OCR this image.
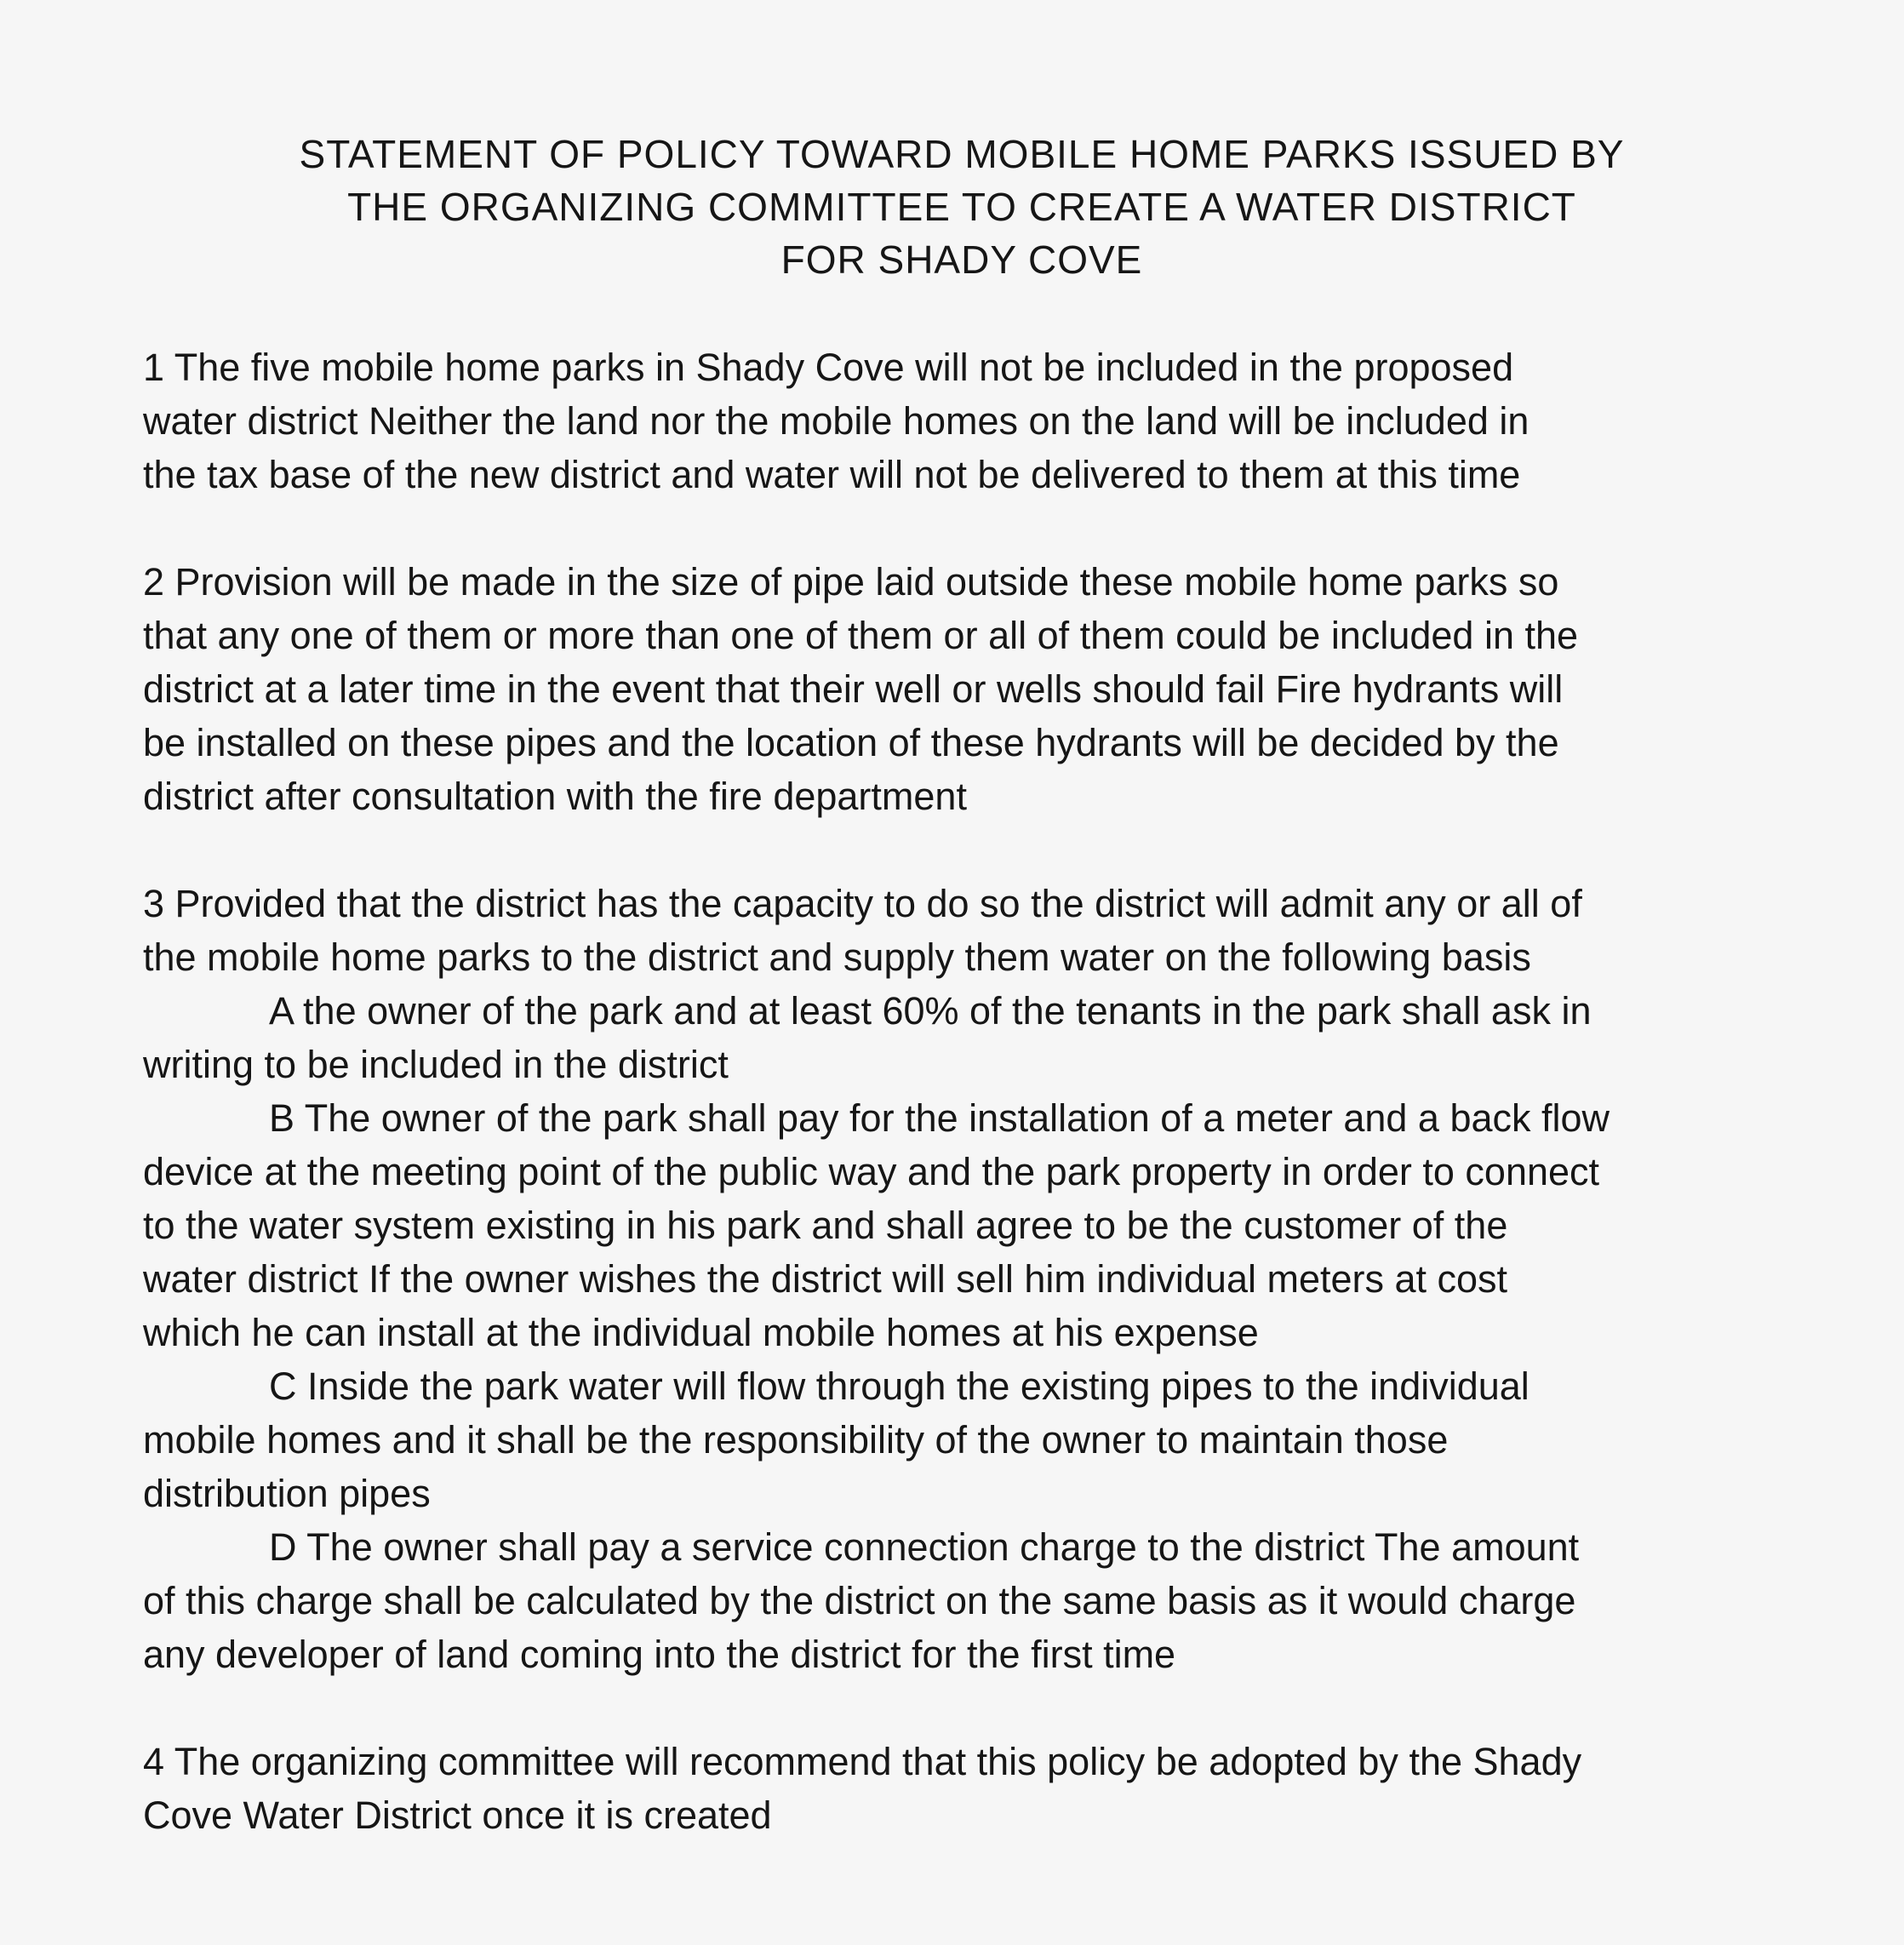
STATEMENT OF POLICY TOWARD MOBILE HOME PARKS ISSUED BY
THE ORGANIZING COMMITTEE TO CREATE A WATER DISTRICT
FOR SHADY COVE
1 The five mobile home parks in Shady Cove will not be included in the proposed
water district Neither the land nor the mobile homes on the land will be included in
the tax base of the new district and water will not be delivered to them at this time
2 Provision will be made in the size of pipe laid outside these mobile home parks so
that any one of them or more than one of them or all of them could be included in the
district at a later time in the event that their well or wells should fail Fire hydrants will
be installed on these pipes and the location of these hydrants will be decided by the
district after consultation with the fire department
3 Provided that the district has the capacity to do so the district will admit any or all of
the mobile home parks to the district and supply them water on the following basis
A the owner of the park and at least 60% of the tenants in the park shall ask in
writing to be included in the district
B The owner of the park shall pay for the installation of a meter and a back flow
device at the meeting point of the public way and the park property in order to connect
to the water system existing in his park and shall agree to be the customer of the
water district If the owner wishes the district will sell him individual meters at cost
which he can install at the individual mobile homes at his expense
C Inside the park water will flow through the existing pipes to the individual
mobile homes and it shall be the responsibility of the owner to maintain those
distribution pipes
D The owner shall pay a service connection charge to the district The amount
of this charge shall be calculated by the district on the same basis as it would charge
any developer of land coming into the district for the first time
4 The organizing committee will recommend that this policy be adopted by the Shady
Cove Water District once it is created
